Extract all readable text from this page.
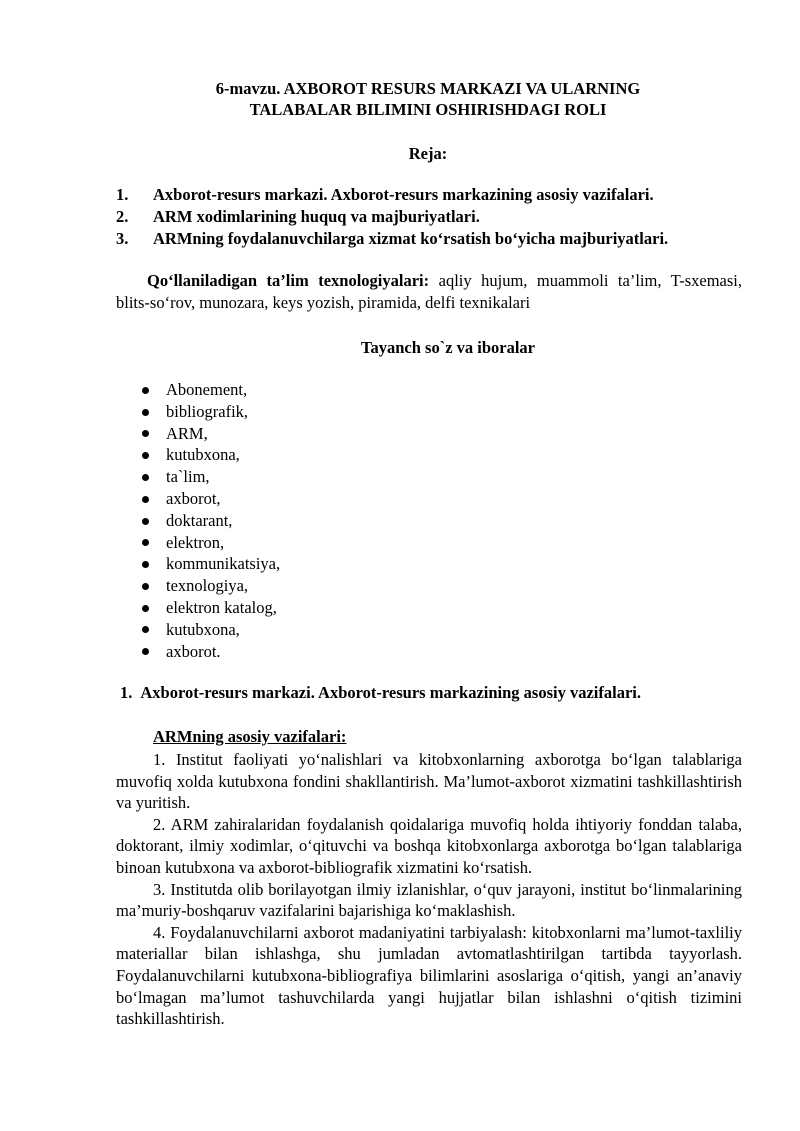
6-mavzu. AXBOROT RESURS MARKAZI VA ULARNING
TALABALAR BILIMINI OSHIRISHDAGI ROLI
Reja:
1. Axborot-resurs markazi. Axborot-resurs markazining asosiy vazifalari.
2. ARM xodimlarining huquq va majburiyatlari.
3. ARMning foydalanuvchilarga xizmat ko‘rsatish bo‘yicha majburiyatlari.

Qo‘llaniladigan ta’lim texnologiyalari: aqliy hujum, muammoli ta’lim, T-sxemasi, blits-so‘rov, munozara, keys yozish, piramida, delfi texnikalari

Tayanch so`z va iboralar
Abonement,
bibliografik,
ARM,
kutubxona,
ta`lim,
axborot,
doktarant,
elektron,
kommunikatsiya,
texnologiya,
elektron katalog,
kutubxona,
axborot.
1. Axborot-resurs markazi. Axborot-resurs markazining asosiy vazifalari.
ARMning asosiy vazifalari:

1. Institut faoliyati yo‘nalishlari va kitobxonlarning axborotga bo‘lgan talablariga muvofiq xolda kutubxona fondini shakllantirish. Ma’lumot-axborot xizmatini tashkillashtirish va yuritish.

2. ARM zahiralaridan foydalanish qoidalariga muvofiq holda ihtiyoriy fonddan talaba, doktorant, ilmiy xodimlar, o‘qituvchi va boshqa kitobxonlarga axborotga bo‘lgan talablariga binoan kutubxona va axborot-bibliografik xizmatini ko‘rsatish.

3. Institutda olib borilayotgan ilmiy izlanishlar, o‘quv jarayoni, institut bo‘linmalarining ma’muriy-boshqaruv vazifalarini bajarishiga ko‘maklashish.

4. Foydalanuvchilarni axborot madaniyatini tarbiyalash: kitobxonlarni ma’lumot-taxliliy materiallar bilan ishlashga, shu jumladan avtomatlashtirilgan tartibda tayyorlash. Foydalanuvchilarni kutubxona-bibliografiya bilimlarini asoslariga o‘qitish, yangi an’anaviy bo‘lmagan ma’lumot tashuvchilarda yangi hujjatlar bilan ishlashni o‘qitish tizimini tashkillashtirish.
